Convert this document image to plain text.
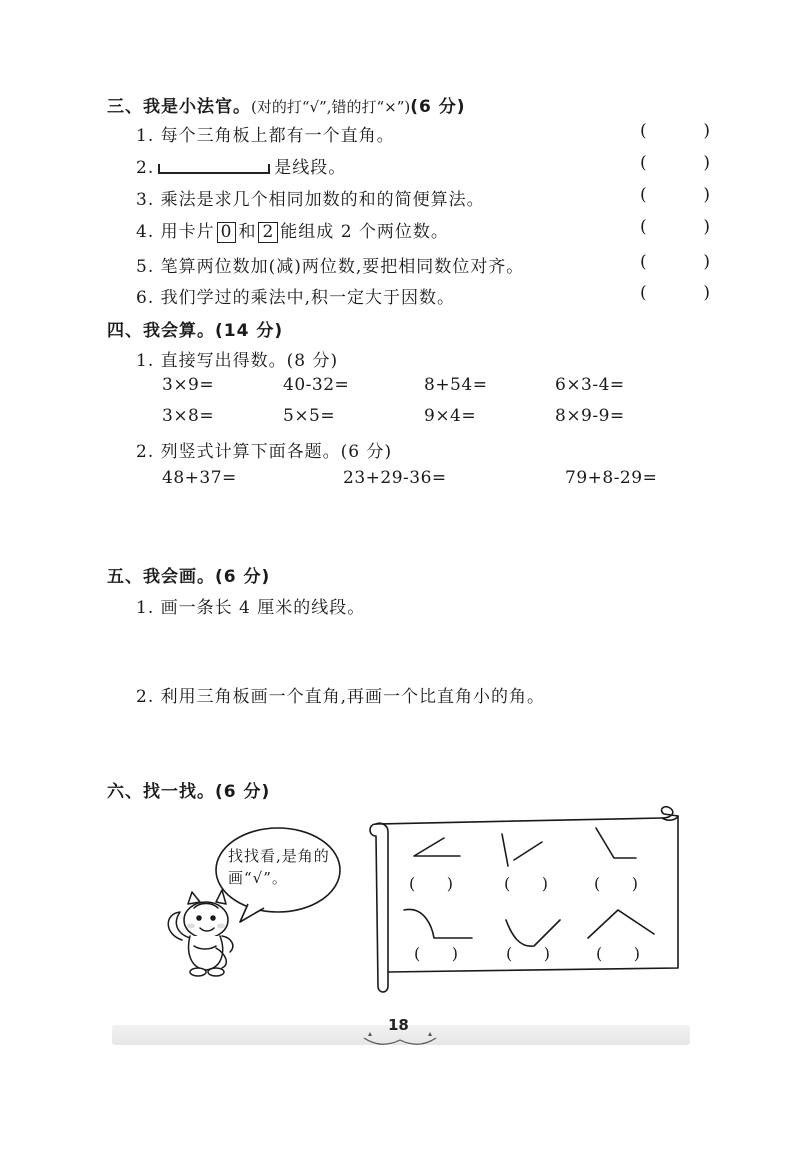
三、我是小法官。(对的打“√”,错的打“×”)(6 分)
1. 每个三角板上都有一个直角。	(	)
2.	是线段。	(	)
3. 乘法是求几个相同加数的和的简便算法。	(	)
4. 用卡片 0 和 2 能组成 2 个两位数。	(	)
5. 笔算两位数加(减)两位数,要把相同数位对齐。	(	)
6. 我们学过的乘法中,积一定大于因数。	(	)
四、我会算。(14 分)
1. 直接写出得数。(8 分)
3×9=	40-32=	8+54=	6×3-4=
3×8=	5×5=	9×4=	8×9-9=
2. 列竖式计算下面各题。(6 分)
48+37=	23+29-36=	79+8-29=
五、我会画。(6 分)
1. 画一条长 4 厘米的线段。
2. 利用三角板画一个直角,再画一个比直角小的角。
六、找一找。(6 分)
找找看,是角的画“√”。	( )	( )	( )
( )	( )	( )
18
